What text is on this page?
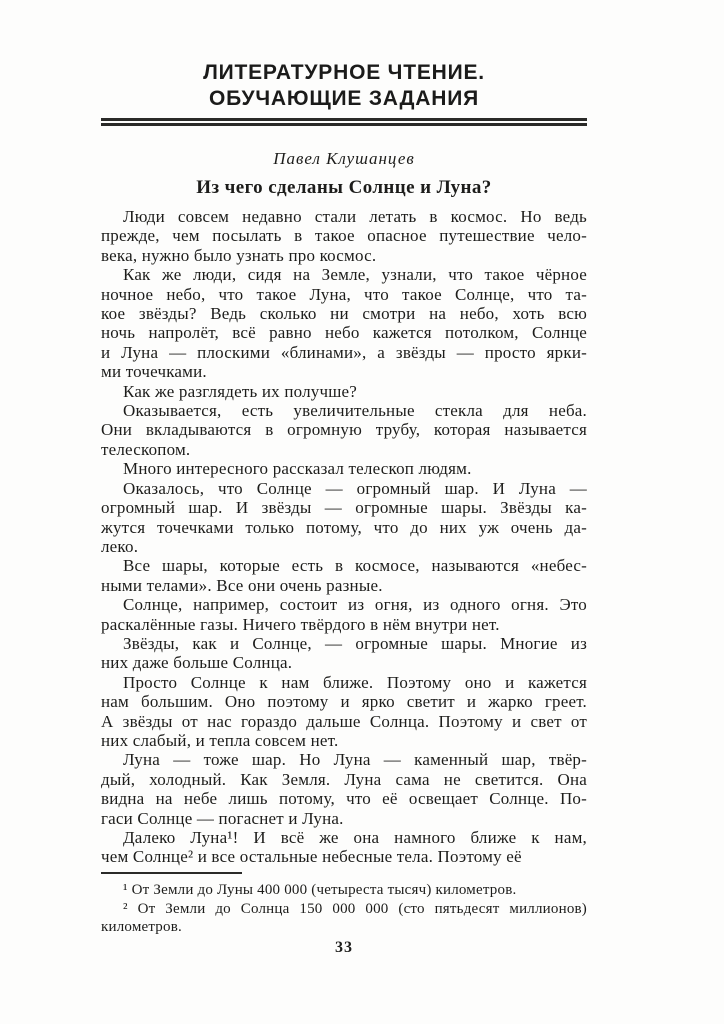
ЛИТЕРАТУРНОЕ ЧТЕНИЕ.
ОБУЧАЮЩИЕ ЗАДАНИЯ
Павел Клушанцев
Из чего сделаны Солнце и Луна?
Люди совсем недавно стали летать в космос. Но ведь
прежде, чем посылать в такое опасное путешествие чело-
века, нужно было узнать про космос.
Как же люди, сидя на Земле, узнали, что такое чёрное
ночное небо, что такое Луна, что такое Солнце, что та-
кое звёзды? Ведь сколько ни смотри на небо, хоть всю
ночь напролёт, всё равно небо кажется потолком, Солнце
и Луна — плоскими «блинами», а звёзды — просто ярки-
ми точечками.
Как же разглядеть их получше?
Оказывается, есть увеличительные стекла для неба.
Они вкладываются в огромную трубу, которая называется
телескопом.
Много интересного рассказал телескоп людям.
Оказалось, что Солнце — огромный шар. И Луна —
огромный шар. И звёзды — огромные шары. Звёзды ка-
жутся точечками только потому, что до них уж очень да-
леко.
Все шары, которые есть в космосе, называются «небес-
ными телами». Все они очень разные.
Солнце, например, состоит из огня, из одного огня. Это
раскалённые газы. Ничего твёрдого в нём внутри нет.
Звёзды, как и Солнце, — огромные шары. Многие из
них даже больше Солнца.
Просто Солнце к нам ближе. Поэтому оно и кажется
нам большим. Оно поэтому и ярко светит и жарко греет.
А звёзды от нас гораздо дальше Солнца. Поэтому и свет от
них слабый, и тепла совсем нет.
Луна — тоже шар. Но Луна — каменный шар, твёр-
дый, холодный. Как Земля. Луна сама не светится. Она
видна на небе лишь потому, что её освещает Солнце. По-
гаси Солнце — погаснет и Луна.
Далеко Луна¹! И всё же она намного ближе к нам,
чем Солнце² и все остальные небесные тела. Поэтому её
¹ От Земли до Луны 400 000 (четыреста тысяч) километров.
² От Земли до Солнца 150 000 000 (сто пятьдесят миллионов)
километров.
33
